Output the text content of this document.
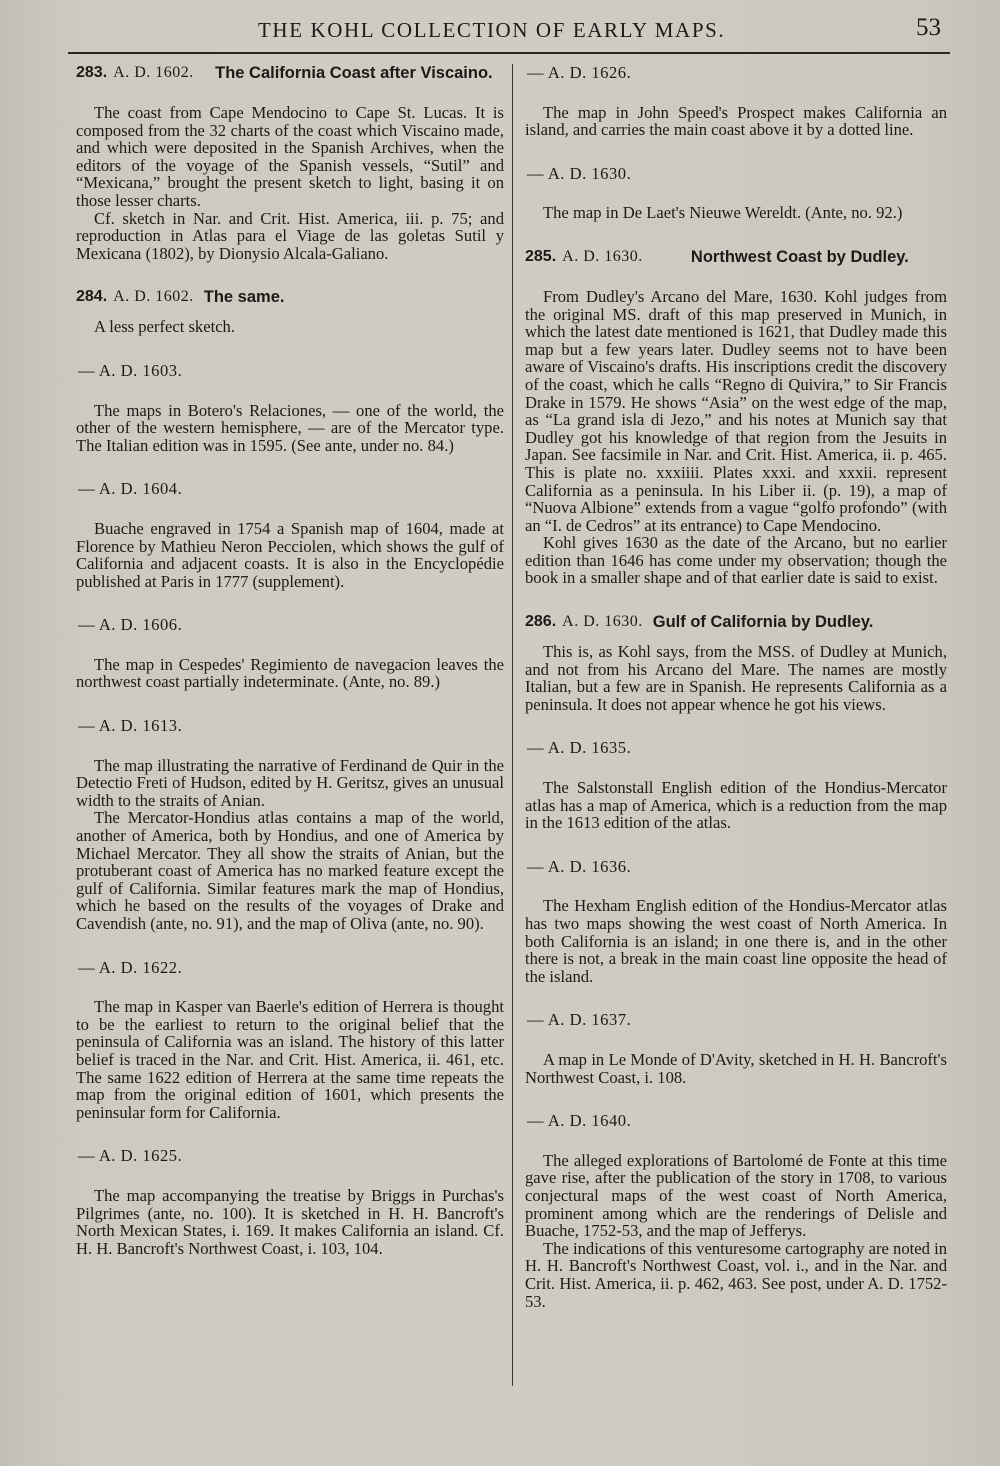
THE KOHL COLLECTION OF EARLY MAPS.	53
283. A. D. 1602.	The California Coast after Viscaino.

The coast from Cape Mendocino to Cape St. Lucas. It is composed from the 32 charts of the coast which Viscaino made, and which were deposited in the Spanish Archives, when the editors of the voyage of the Spanish vessels, “Sutil” and “Mexicana,” brought the present sketch to light, basing it on those lesser charts.

Cf. sketch in Nar. and Crit. Hist. America, iii. p. 75; and reproduction in Atlas para el Viage de las goletas Sutil y Mexicana (1802), by Dionysio Alcala-Galiano.

284. A. D. 1602. The same.

A less perfect sketch.

— A. D. 1603.

The maps in Botero's Relaciones, — one of the world, the other of the western hemisphere, — are of the Mercator type. The Italian edition was in 1595. (See ante, under no. 84.)

— A. D. 1604.

Buache engraved in 1754 a Spanish map of 1604, made at Florence by Mathieu Neron Pecciolen, which shows the gulf of California and adjacent coasts. It is also in the Encyclopédie published at Paris in 1777 (supplement).

— A. D. 1606.

The map in Cespedes' Regimiento de navegacion leaves the northwest coast partially indeterminate. (Ante, no. 89.)

— A. D. 1613.

The map illustrating the narrative of Ferdinand de Quir in the Detectio Freti of Hudson, edited by H. Geritsz, gives an unusual width to the straits of Anian.

The Mercator-Hondius atlas contains a map of the world, another of America, both by Hondius, and one of America by Michael Mercator. They all show the straits of Anian, but the protuberant coast of America has no marked feature except the gulf of California. Similar features mark the map of Hondius, which he based on the results of the voyages of Drake and Cavendish (ante, no. 91), and the map of Oliva (ante, no. 90).

— A. D. 1622.

The map in Kasper van Baerle's edition of Herrera is thought to be the earliest to return to the original belief that the peninsula of California was an island. The history of this latter belief is traced in the Nar. and Crit. Hist. America, ii. 461, etc. The same 1622 edition of Herrera at the same time repeats the map from the original edition of 1601, which presents the peninsular form for California.

— A. D. 1625.

The map accompanying the treatise by Briggs in Purchas's Pilgrimes (ante, no. 100). It is sketched in H. H. Bancroft's North Mexican States, i. 169. It makes California an island. Cf. H. H. Bancroft's Northwest Coast, i. 103, 104.

— A. D. 1626.

The map in John Speed's Prospect makes California an island, and carries the main coast above it by a dotted line.

— A. D. 1630.

The map in De Laet's Nieuwe Wereldt. (Ante, no. 92.)

285. A. D. 1630.	Northwest Coast by Dudley.

From Dudley's Arcano del Mare, 1630. Kohl judges from the original MS. draft of this map preserved in Munich, in which the latest date mentioned is 1621, that Dudley made this map but a few years later. Dudley seems not to have been aware of Viscaino's drafts. His inscriptions credit the discovery of the coast, which he calls “Regno di Quivira,” to Sir Francis Drake in 1579. He shows “Asia” on the west edge of the map, as “La grand isla di Jezo,” and his notes at Munich say that Dudley got his knowledge of that region from the Jesuits in Japan. See facsimile in Nar. and Crit. Hist. America, ii. p. 465. This is plate no. xxxiiii. Plates xxxi. and xxxii. represent California as a peninsula. In his Liber ii. (p. 19), a map of “Nuova Albione” extends from a vague “golfo profondo” (with an “I. de Cedros” at its entrance) to Cape Mendocino.

Kohl gives 1630 as the date of the Arcano, but no earlier edition than 1646 has come under my observation; though the book in a smaller shape and of that earlier date is said to exist.

286. A. D. 1630. Gulf of California by Dudley.

This is, as Kohl says, from the MSS. of Dudley at Munich, and not from his Arcano del Mare. The names are mostly Italian, but a few are in Spanish. He represents California as a peninsula. It does not appear whence he got his views.

— A. D. 1635.

The Salstonstall English edition of the Hondius-Mercator atlas has a map of America, which is a reduction from the map in the 1613 edition of the atlas.

— A. D. 1636.

The Hexham English edition of the Hondius-Mercator atlas has two maps showing the west coast of North America. In both California is an island; in one there is, and in the other there is not, a break in the main coast line opposite the head of the island.

— A. D. 1637.

A map in Le Monde of D'Avity, sketched in H. H. Bancroft's Northwest Coast, i. 108.

— A. D. 1640.

The alleged explorations of Bartolomé de Fonte at this time gave rise, after the publication of the story in 1708, to various conjectural maps of the west coast of North America, prominent among which are the renderings of Delisle and Buache, 1752-53, and the map of Jefferys.

The indications of this venturesome cartography are noted in H. H. Bancroft's Northwest Coast, vol. i., and in the Nar. and Crit. Hist. America, ii. p. 462, 463. See post, under A. D. 1752-53.
